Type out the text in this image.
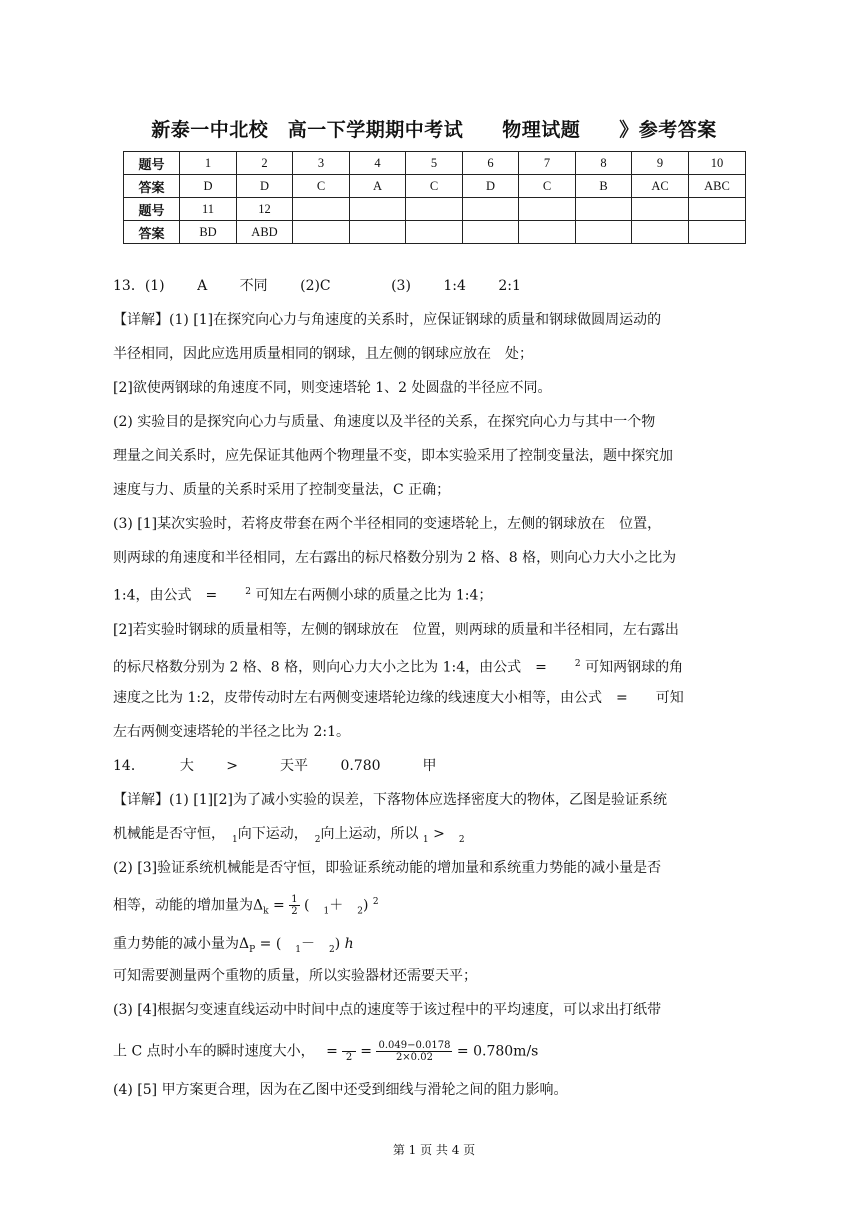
新泰一中北校　高一下学期期中考试　　物理试题　　》参考答案
题号	1	2	3	4	5	6	7	8	9	10
答案	D	D	C	A	C	D	C	B	AC	ABC
题号	11	12								
答案	BD	ABD								
13．(1)　　 A　　 不同　　 (2)C　　　　 (3)　　 1:4　　 2:1
【详解】(1) [1]在探究向心力与角速度的关系时，应保证钢球的质量和钢球做圆周运动的
半径相同，因此应选用质量相同的钢球，且左侧的钢球应放在　处；
[2]欲使两钢球的角速度不同，则变速塔轮 1、2 处圆盘的半径应不同。
(2) 实验目的是探究向心力与质量、角速度以及半径的关系，在探究向心力与其中一个物
理量之间关系时，应先保证其他两个物理量不变，即本实验采用了控制变量法，题中探究加
速度与力、质量的关系时采用了控制变量法，C 正确；
(3) [1]某次实验时，若将皮带套在两个半径相同的变速塔轮上，左侧的钢球放在　位置，
则两球的角速度和半径相同，左右露出的标尺格数分别为 2 格、8 格，则向心力大小之比为
1:4，由公式　=　　$^2$ 可知左右两侧小球的质量之比为 1:4；
[2]若实验时钢球的质量相等，左侧的钢球放在　位置，则两球的质量和半径相同，左右露出
的标尺格数分别为 2 格、8 格，则向心力大小之比为 1:4，由公式　=　　$^2$ 可知两钢球的角
速度之比为 1:2，皮带传动时左右两侧变速塔轮边缘的线速度大小相等，由公式　=　　可知
左右两侧变速塔轮的半径之比为 2:1。
14．　　　大　　 >　　　天平　　 0.780　　　甲
【详解】(1) [1][2]为了减小实验的误差，下落物体应选择密度大的物体，乙图是验证系统
机械能是否守恒，　$_1$向下运动，　$_2$向上运动，所以 $_1$ >　$_2$
(2) [3]验证系统机械能是否守恒，即验证系统动能的增加量和系统重力势能的减小量是否
相等，动能的增加量为$\Delta_k = \frac{1}{2}$ (　$_1$＋　$_2$) $^2$
重力势能的减小量为$\Delta_P$ = (　$_1$－　$_2$) h
可知需要测量两个重物的质量，所以实验器材还需要天平；
(3) [4]根据匀变速直线运动中时间中点的速度等于该过程中的平均速度，可以求出打纸带
上 C 点时小车的瞬时速度大小，　 =
$2 = \frac{0.049-0.0178}{2\times 0.02} = 0.780m/s$
(4) [5] 甲方案更合理，因为在乙图中还受到细线与滑轮之间的阻力影响。
第 1 页 共 4 页
